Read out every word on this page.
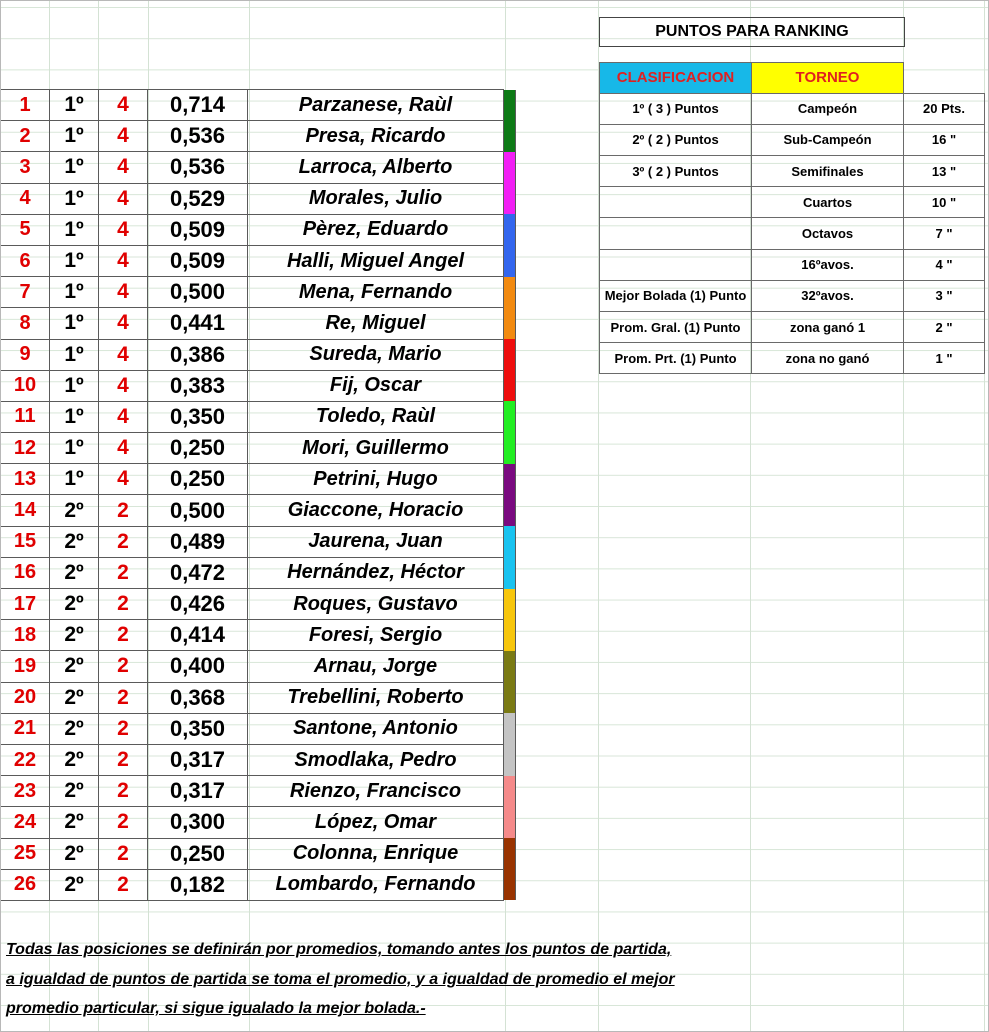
1	1º	4	0,714	Parzanese, Raùl	
2	1º	4	0,536	Presa, Ricardo	
3	1º	4	0,536	Larroca, Alberto	
4	1º	4	0,529	Morales, Julio	
5	1º	4	0,509	Pèrez, Eduardo	
6	1º	4	0,509	Halli, Miguel Angel	
7	1º	4	0,500	Mena, Fernando	
8	1º	4	0,441	Re, Miguel	
9	1º	4	0,386	Sureda, Mario	
10	1º	4	0,383	Fij, Oscar	
11	1º	4	0,350	Toledo, Raùl	
12	1º	4	0,250	Mori, Guillermo	
13	1º	4	0,250	Petrini, Hugo	
14	2º	2	0,500	Giaccone, Horacio	
15	2º	2	0,489	Jaurena, Juan	
16	2º	2	0,472	Hernández, Héctor	
17	2º	2	0,426	Roques, Gustavo	
18	2º	2	0,414	Foresi, Sergio	
19	2º	2	0,400	Arnau, Jorge	
20	2º	2	0,368	Trebellini, Roberto	
21	2º	2	0,350	Santone, Antonio	
22	2º	2	0,317	Smodlaka, Pedro	
23	2º	2	0,317	Rienzo, Francisco	
24	2º	2	0,300	López, Omar	
25	2º	2	0,250	Colonna, Enrique	
26	2º	2	0,182	Lombardo, Fernando	
PUNTOS PARA RANKING
CLASIFICACION	TORNEO	
1º ( 3 ) Puntos	Campeón	20 Pts.
2º ( 2 ) Puntos	Sub-Campeón	16 "
3º ( 2 ) Puntos	Semifinales	13 "
	Cuartos	10 "
	Octavos	7 "
	16ºavos.	4 "
Mejor Bolada (1) Punto	32ºavos.	3 "
Prom. Gral. (1) Punto	zona ganó 1	2 "
Prom. Prt. (1) Punto	zona no ganó	1 "
Todas las posiciones se definirán por promedios, tomando antes los puntos de partida,
a igualdad de puntos de partida se toma el promedio, y a igualdad de promedio el mejor
promedio particular, si sigue igualado la mejor bolada.-
